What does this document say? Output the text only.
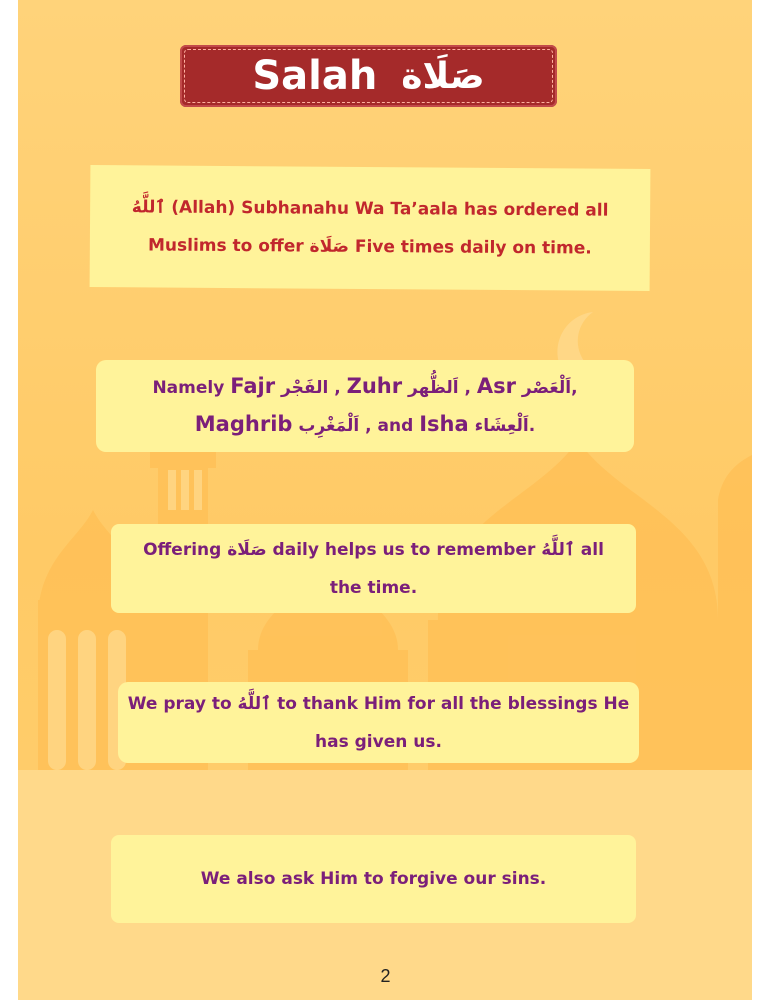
Salah صَلَاة
ٱللَّهُ (Allah) Subhanahu Wa Ta’aala has ordered all
Muslims to offer صَلَاة Five times daily on time.
Namely Fajr الفَجْر , Zuhr اَلظُّهر , Asr اَلْعَصْر,
Maghrib اَلْمَغْرِب , and Isha اَلْعِشَاء.
Offering صَلَاة daily helps us to remember ٱللَّهُ all
the time.
We pray to ٱللَّهُ to thank Him for all the blessings He
has given us.
We also ask Him to forgive our sins.
2
